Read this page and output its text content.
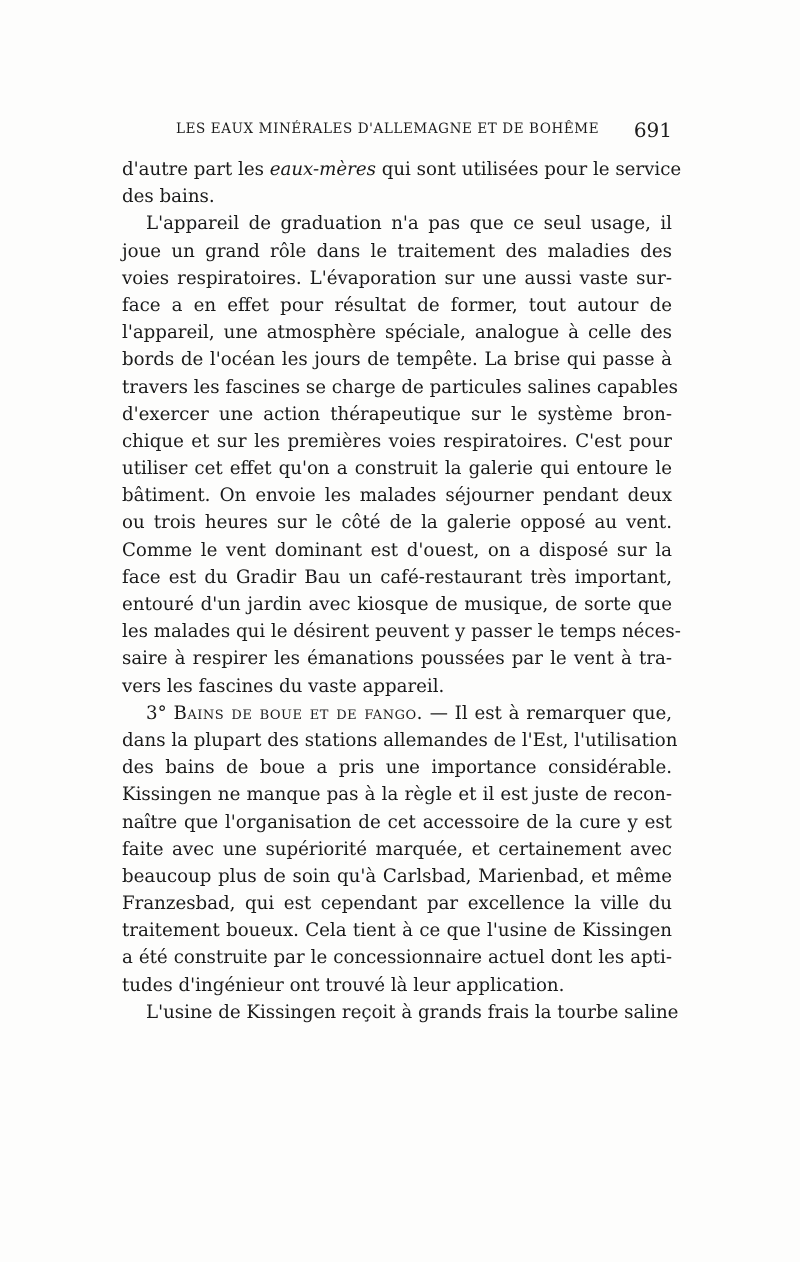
LES EAUX MINÉRALES D'ALLEMAGNE ET DE BOHÊME 691
d'autre part les eaux-mères qui sont utilisées pour le service
des bains.
L'appareil de graduation n'a pas que ce seul usage, il
joue un grand rôle dans le traitement des maladies des
voies respiratoires. L'évaporation sur une aussi vaste sur-
face a en effet pour résultat de former, tout autour de
l'appareil, une atmosphère spéciale, analogue à celle des
bords de l'océan les jours de tempête. La brise qui passe à
travers les fascines se charge de particules salines capables
d'exercer une action thérapeutique sur le système bron-
chique et sur les premières voies respiratoires. C'est pour
utiliser cet effet qu'on a construit la galerie qui entoure le
bâtiment. On envoie les malades séjourner pendant deux
ou trois heures sur le côté de la galerie opposé au vent.
Comme le vent dominant est d'ouest, on a disposé sur la
face est du Gradir Bau un café-restaurant très important,
entouré d'un jardin avec kiosque de musique, de sorte que
les malades qui le désirent peuvent y passer le temps néces-
saire à respirer les émanations poussées par le vent à tra-
vers les fascines du vaste appareil.
3° Bains de boue et de fango. — Il est à remarquer que,
dans la plupart des stations allemandes de l'Est, l'utilisation
des bains de boue a pris une importance considérable.
Kissingen ne manque pas à la règle et il est juste de recon-
naître que l'organisation de cet accessoire de la cure y est
faite avec une supériorité marquée, et certainement avec
beaucoup plus de soin qu'à Carlsbad, Marienbad, et même
Franzesbad, qui est cependant par excellence la ville du
traitement boueux. Cela tient à ce que l'usine de Kissingen
a été construite par le concessionnaire actuel dont les apti-
tudes d'ingénieur ont trouvé là leur application.
L'usine de Kissingen reçoit à grands frais la tourbe saline
